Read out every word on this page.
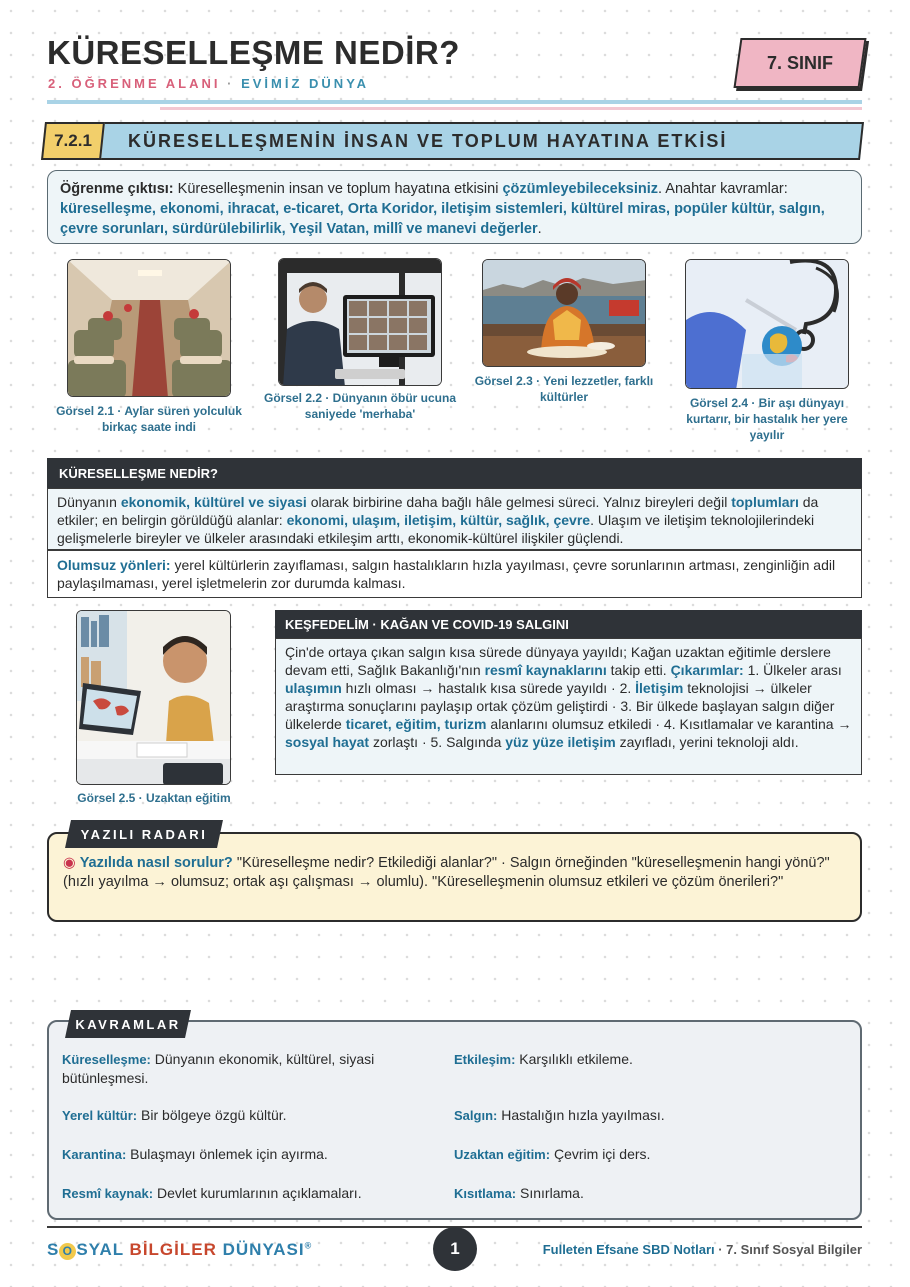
KÜRESELLEŞME NEDİR?
2. ÖĞRENME ALANI · EVİMİZ DÜNYA
7. SINIF
7.2.1	KÜRESELLEŞMENİN İNSAN VE TOPLUM HAYATINA ETKİSİ
Öğrenme çıktısı: Küreselleşmenin insan ve toplum hayatına etkisini çözümleyebileceksiniz. Anahtar kavramlar: küreselleşme, ekonomi, ihracat, e-ticaret, Orta Koridor, iletişim sistemleri, kültürel miras, popüler kültür, salgın, çevre sorunları, sürdürülebilirlik, Yeşil Vatan, millî ve manevi değerler.
Görsel 2.1 · Aylar süren yolculuk
birkaç saate indi
Görsel 2.2 · Dünyanın öbür ucuna
saniyede 'merhaba'
Görsel 2.3 · Yeni lezzetler, farklı
kültürler	Görsel 2.4 · Bir aşı dünyayı
kurtarır, bir hastalık her yere
yayılır
KÜRESELLEŞME NEDİR?
Dünyanın ekonomik, kültürel ve siyasi olarak birbirine daha bağlı hâle gelmesi süreci. Yalnız bireyleri değil toplumları da etkiler; en belirgin görüldüğü alanlar: ekonomi, ulaşım, iletişim, kültür, sağlık, çevre. Ulaşım ve iletişim teknolojilerindeki gelişmelerle bireyler ve ülkeler arasındaki etkileşim arttı, ekonomik-kültürel ilişkiler güçlendi.
Olumsuz yönleri: yerel kültürlerin zayıflaması, salgın hastalıkların hızla yayılması, çevre sorunlarının artması, zenginliğin adil paylaşılmaması, yerel işletmelerin zor durumda kalması.
Görsel 2.5 · Uzaktan eğitim
KEŞFEDELİM · KAĞAN VE COVID-19 SALGINI
Çin'de ortaya çıkan salgın kısa sürede dünyaya yayıldı; Kağan uzaktan eğitimle derslere devam etti, Sağlık Bakanlığı'nın resmî kaynaklarını takip etti. Çıkarımlar: 1. Ülkeler arası ulaşımın hızlı olması → hastalık kısa sürede yayıldı · 2. İletişim teknolojisi → ülkeler araştırma sonuçlarını paylaşıp ortak çözüm geliştirdi · 3. Bir ülkede başlayan salgın diğer ülkelerde ticaret, eğitim, turizm alanlarını olumsuz etkiledi · 4. Kısıtlamalar ve karantina → sosyal hayat zorlaştı · 5. Salgında yüz yüze iletişim zayıfladı, yerini teknoloji aldı.
◉ Yazılıda nasıl sorulur? "Küreselleşme nedir? Etkilediği alanlar?" · Salgın örneğinden "küreselleşmenin hangi yönü?" (hızlı yayılma → olumsuz; ortak aşı çalışması → olumlu). "Küreselleşmenin olumsuz etkileri ve çözüm önerileri?"
YAZILI RADARI
KAVRAMLAR
Küreselleşme: Dünyanın ekonomik, kültürel, siyasi bütünleşmesi.
Etkileşim: Karşılıklı etkileme.
Yerel kültür: Bir bölgeye özgü kültür.	Salgın: Hastalığın hızla yayılması.
Karantina: Bulaşmayı önlemek için ayırma.	Uzaktan eğitim: Çevrim içi ders.
Resmî kaynak: Devlet kurumlarının açıklamaları.	Kısıtlama: Sınırlama.
S O SYAL BİLGİLER DÜNYASI®	1	Fulleten Efsane SBD Notları · 7. Sınıf Sosyal Bilgiler
